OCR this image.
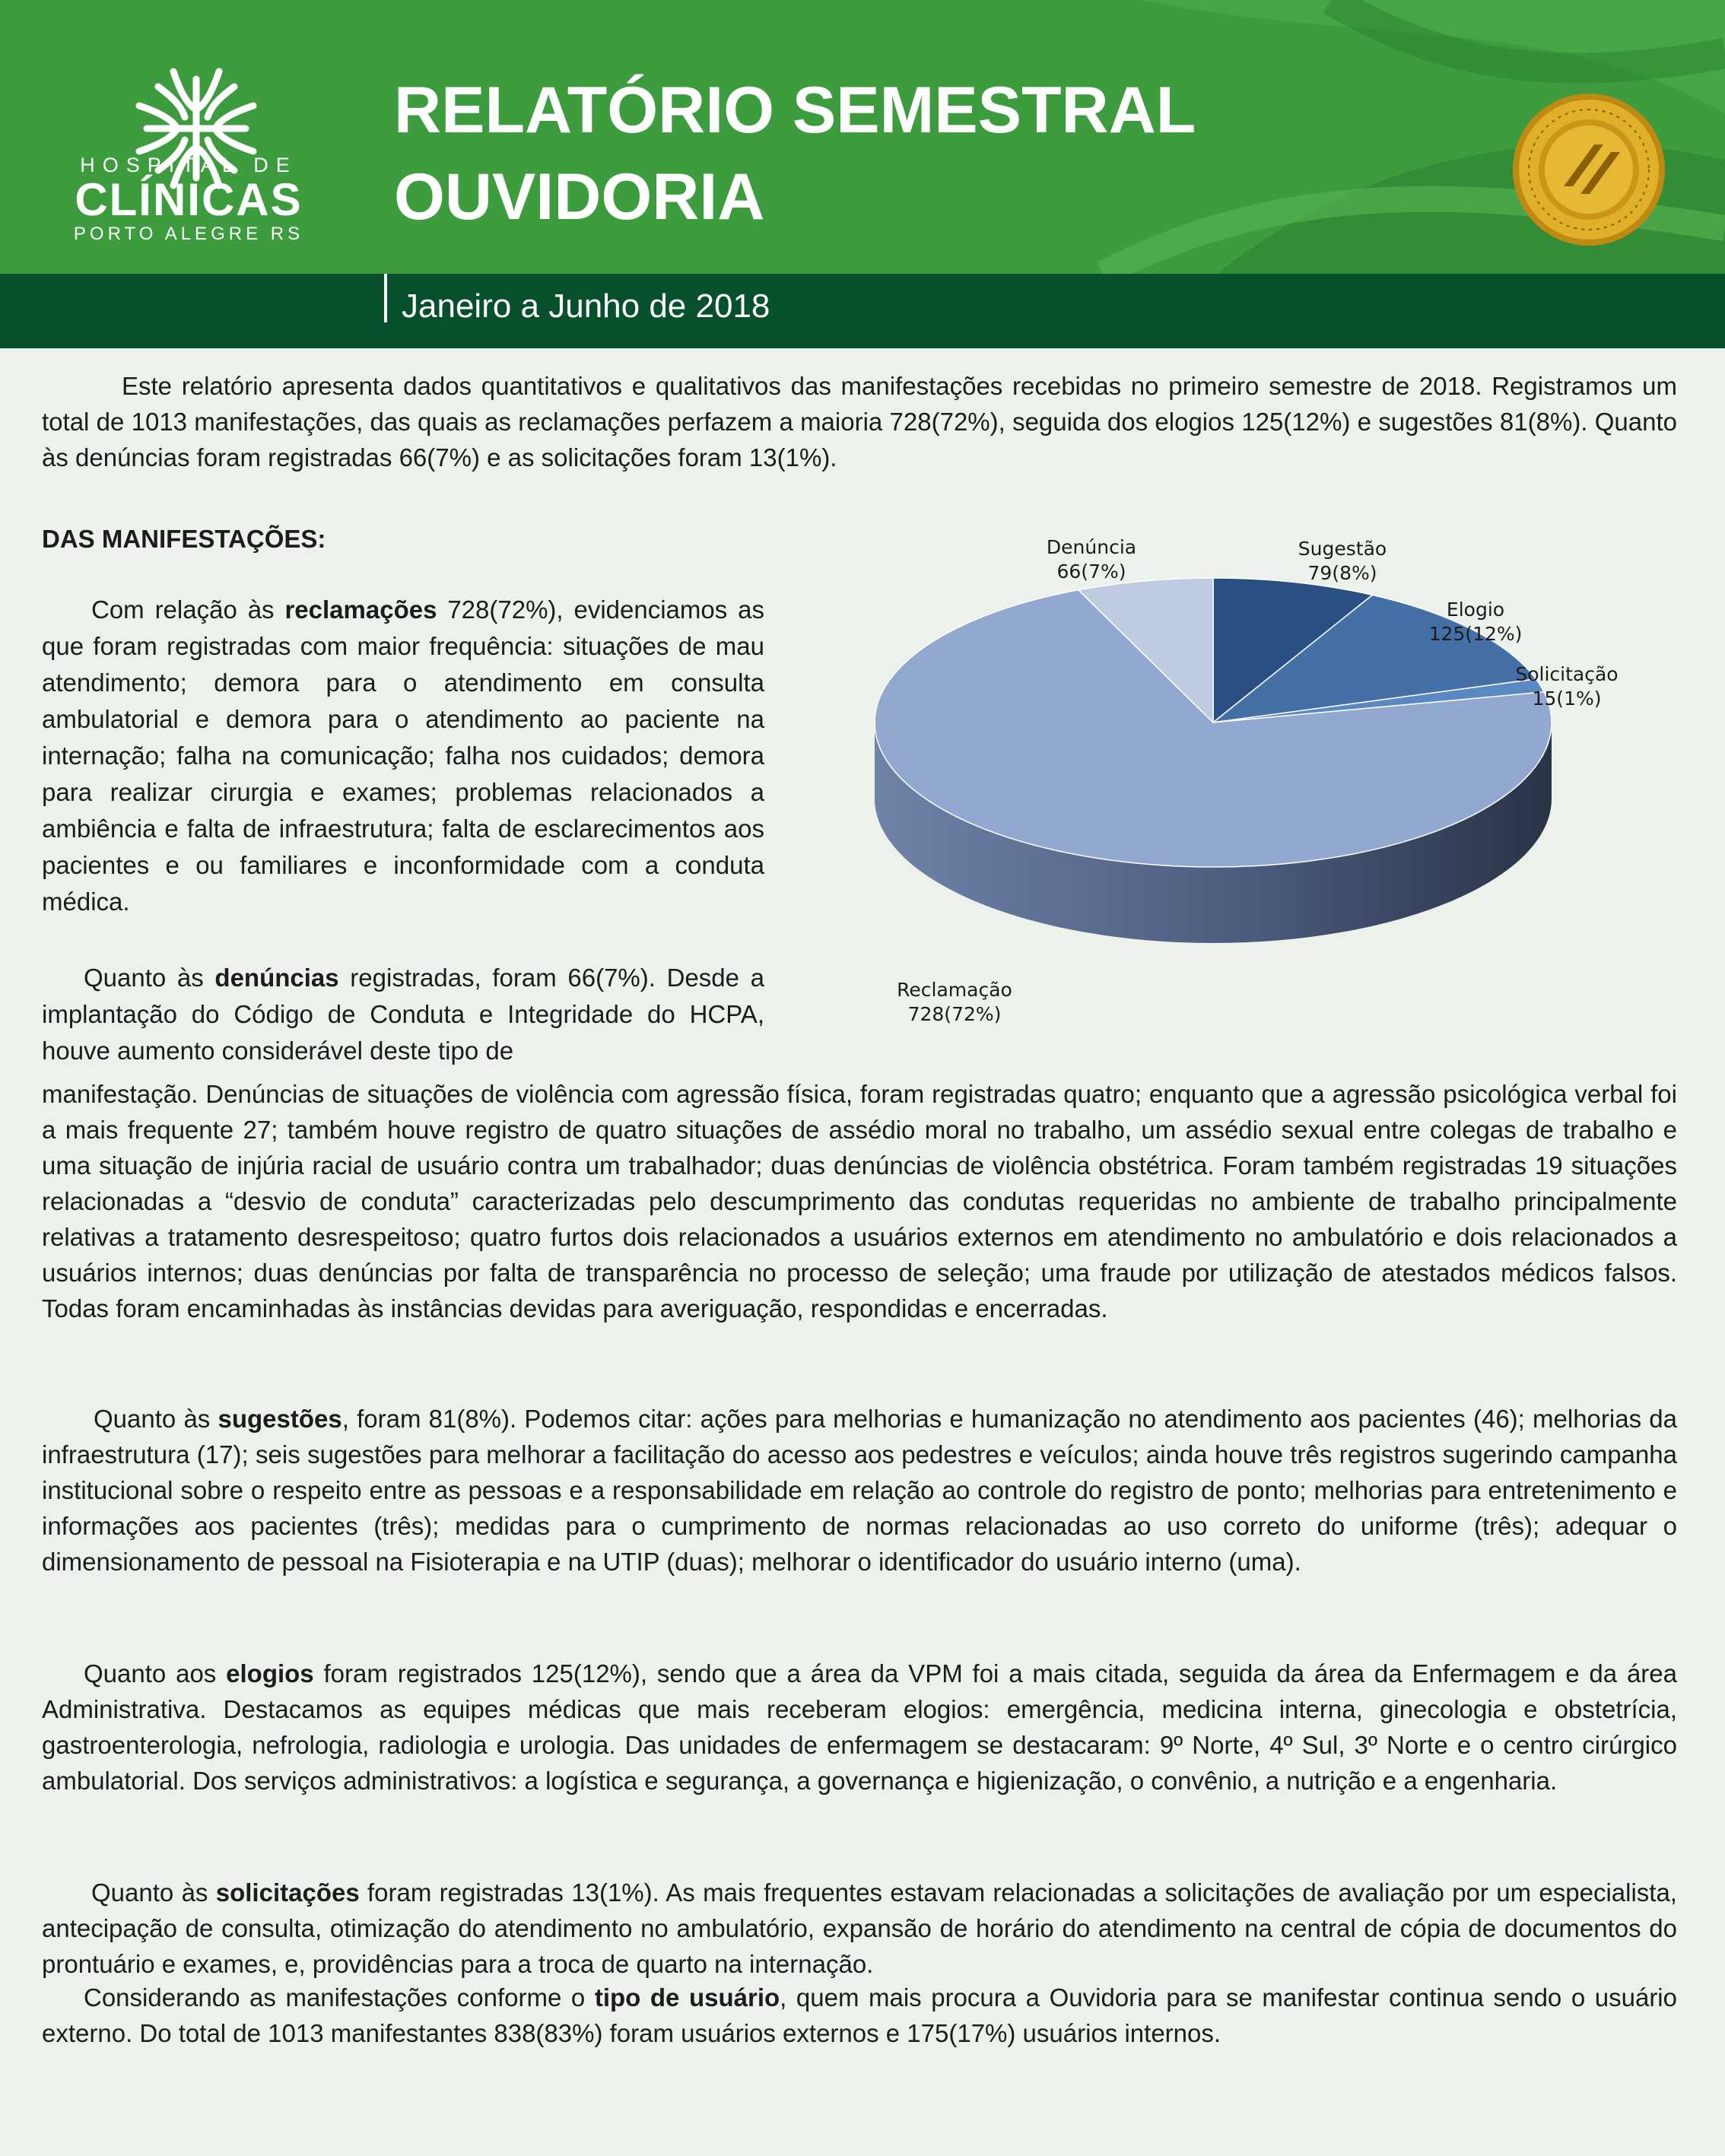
HOSPITAL DE
CLÍNICAS
PORTO ALEGRE RS
RELATÓRIO SEMESTRAL
OUVIDORIA
Janeiro a Junho de 2018
Este relatório apresenta dados quantitativos e qualitativos das manifestações recebidas no primeiro semestre de 2018. Registramos um total de 1013 manifestações, das quais as reclamações perfazem a maioria 728(72%), seguida dos elogios 125(12%) e sugestões 81(8%). Quanto às denúncias foram registradas 66(7%) e as solicitações foram 13(1%).
DAS MANIFESTAÇÕES:
Com relação às reclamações 728(72%), evidenciamos as que foram registradas com maior frequência: situações de mau atendimento; demora para o atendimento em consulta ambulatorial e demora para o atendimento ao paciente na internação; falha na comunicação; falha nos cuidados; demora para realizar cirurgia e exames; problemas relacionados a ambiência e falta de infraestrutura; falta de esclarecimentos aos pacientes e ou familiares e inconformidade com a conduta médica.
Quanto às denúncias registradas, foram 66(7%). Desde a implantação do Código de Conduta e Integridade do HCPA, houve aumento considerável deste tipo de
manifestação. Denúncias de situações de violência com agressão física, foram registradas quatro; enquanto que a agressão psicológica verbal foi a mais frequente 27; também houve registro de quatro situações de assédio moral no trabalho, um assédio sexual entre colegas de trabalho e uma situação de injúria racial de usuário contra um trabalhador; duas denúncias de violência obstétrica. Foram também registradas 19 situações relacionadas a “desvio de conduta” caracterizadas pelo descumprimento das condutas requeridas no ambiente de trabalho principalmente relativas a tratamento desrespeitoso; quatro furtos dois relacionados a usuários externos em atendimento no ambulatório e dois relacionados a usuários internos; duas denúncias por falta de transparência no processo de seleção; uma fraude por utilização de atestados médicos falsos. Todas foram encaminhadas às instâncias devidas para averiguação, respondidas e encerradas.
Quanto às sugestões, foram 81(8%). Podemos citar: ações para melhorias e humanização no atendimento aos pacientes (46); melhorias da infraestrutura (17); seis sugestões para melhorar a facilitação do acesso aos pedestres e veículos; ainda houve três registros sugerindo campanha institucional sobre o respeito entre as pessoas e a responsabilidade em relação ao controle do registro de ponto; melhorias para entretenimento e informações aos pacientes (três); medidas para o cumprimento de normas relacionadas ao uso correto do uniforme (três); adequar o dimensionamento de pessoal na Fisioterapia e na UTIP (duas); melhorar o identificador do usuário interno (uma).
Quanto aos elogios foram registrados 125(12%), sendo que a área da VPM foi a mais citada, seguida da área da Enfermagem e da área Administrativa. Destacamos as equipes médicas que mais receberam elogios: emergência, medicina interna, ginecologia e obstetrícia, gastroenterologia, nefrologia, radiologia e urologia. Das unidades de enfermagem se destacaram: 9º Norte, 4º Sul, 3º Norte e o centro cirúrgico ambulatorial. Dos serviços administrativos: a logística e segurança, a governança e higienização, o convênio, a nutrição e a engenharia.
Quanto às solicitações foram registradas 13(1%). As mais frequentes estavam relacionadas a solicitações de avaliação por um especialista, antecipação de consulta, otimização do atendimento no ambulatório, expansão de horário do atendimento na central de cópia de documentos do prontuário e exames, e, providências para a troca de quarto na internação.
Considerando as manifestações conforme o tipo de usuário, quem mais procura a Ouvidoria para se manifestar continua sendo o usuário externo. Do total de 1013 manifestantes 838(83%) foram usuários externos e 175(17%) usuários internos.
Sugestão
79(8%)
Elogio
125(12%)
Solicitação
15(1%)
Reclamação
728(72%)
Denúncia
66(7%)
